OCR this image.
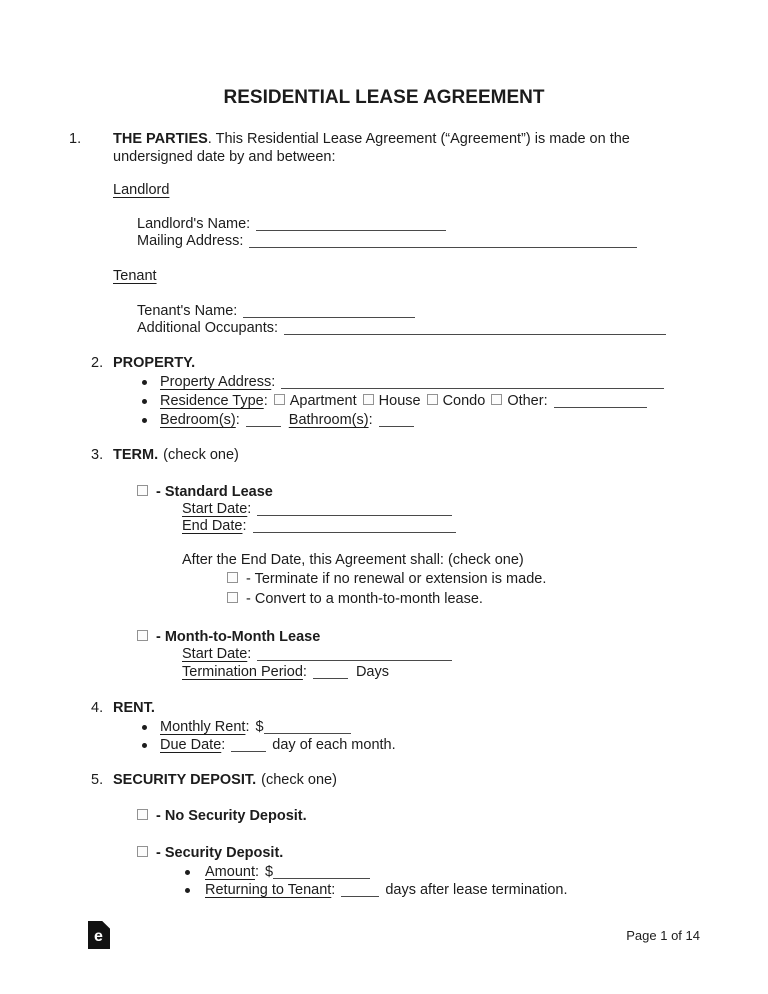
RESIDENTIAL LEASE AGREEMENT
1. THE PARTIES. This Residential Lease Agreement (“Agreement”) is made on the undersigned date by and between:
Landlord
Landlord's Name:
Mailing Address:
Tenant
Tenant's Name:
Additional Occupants:
2. PROPERTY.
Property Address:
Residence Type: Apartment House Condo Other:
Bedroom(s):	Bathroom(s):
3. TERM. (check one)
- Standard Lease
Start Date:
End Date:
After the End Date, this Agreement shall: (check one)
- Terminate if no renewal or extension is made.
- Convert to a month-to-month lease.
- Month-to-Month Lease
Start Date:
Termination Period:	Days
4. RENT.
Monthly Rent: $
Due Date:	day of each month.
5. SECURITY DEPOSIT. (check one)
- No Security Deposit.
- Security Deposit.
Amount: $
Returning to Tenant:	days after lease termination.
e	Page 1 of 14
